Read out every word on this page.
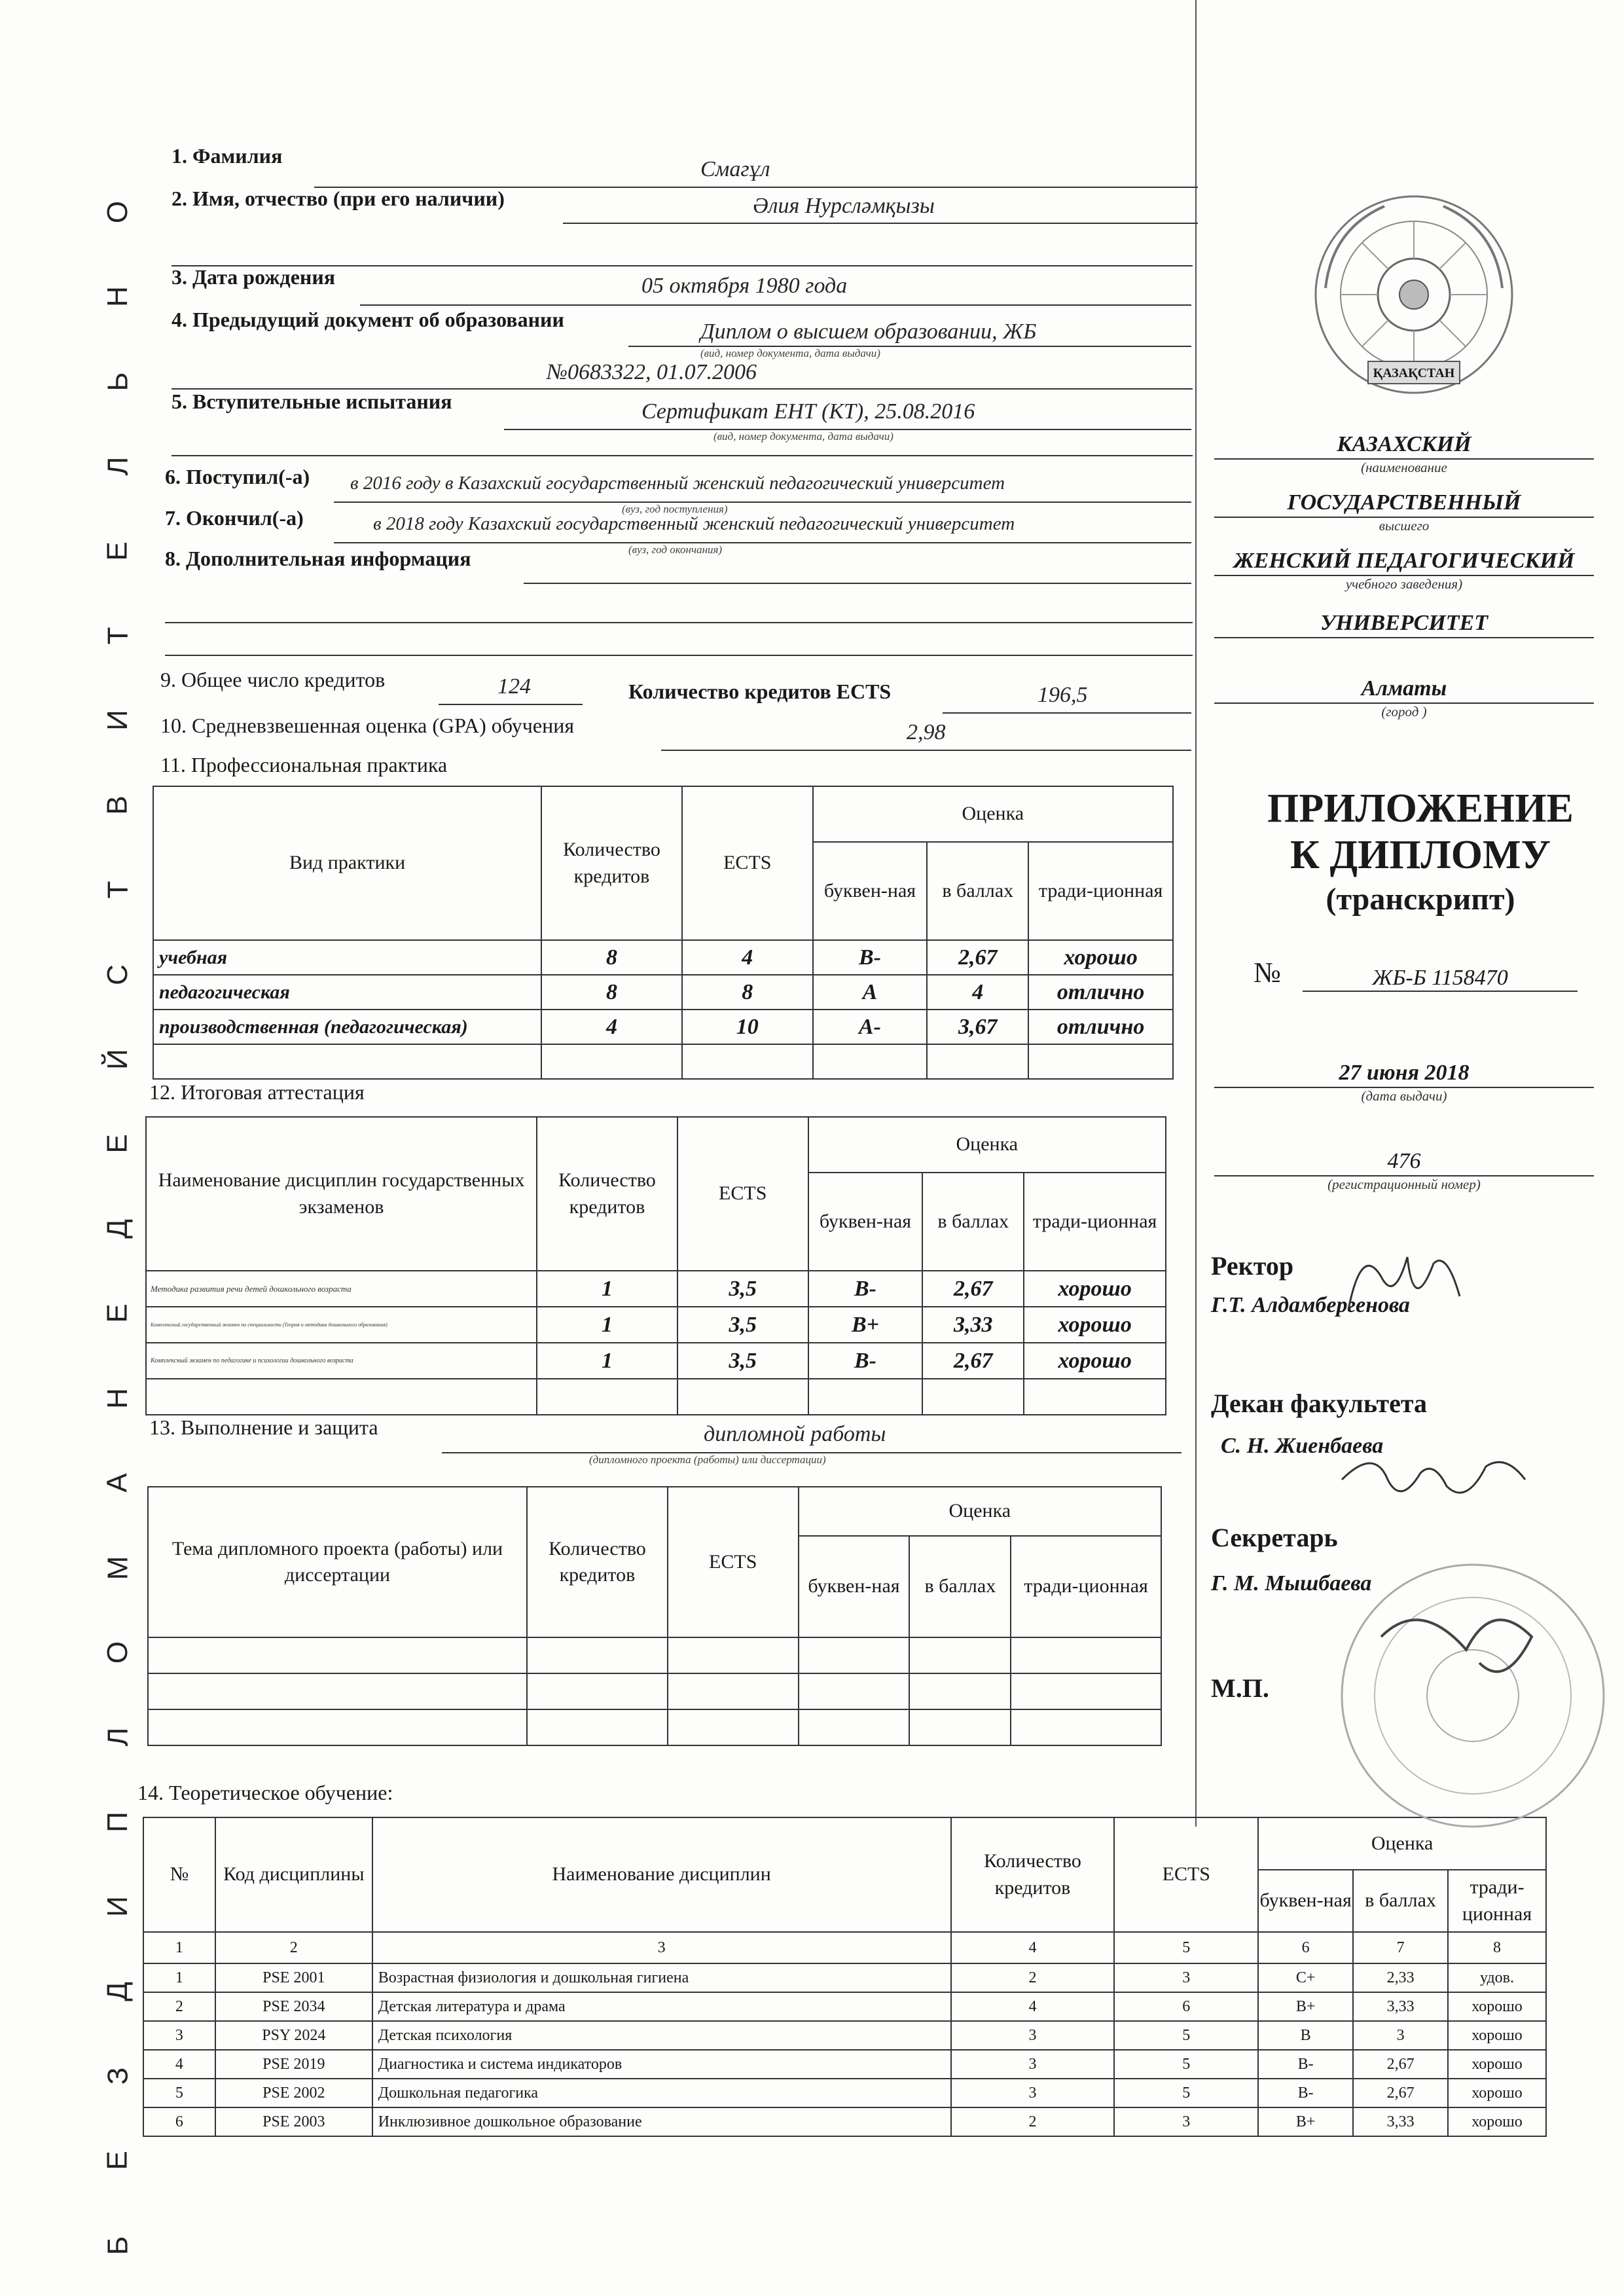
Б
Е
З
Д
И
П
Л
О
М
А
Н
Е
Д
Е
Й
С
Т
В
И
Т
Е
Л
Ь
Н
О
1. Фамилия
Смагұл
2. Имя, отчество (при его наличии)	Әлия Нурсләмқызы
3. Дата рождения	05 октября 1980 года
4. Предыдущий документ об образовании	Диплом о высшем образовании, ЖБ
(вид, номер документа, дата выдачи)
№0683322, 01.07.2006
5. Вступительные испытания	Сертификат ЕНТ (КТ), 25.08.2016
(вид, номер документа, дата выдачи)
6. Поступил(-а) в 2016 году в Казахский государственный женский педагогический университет
(вуз, год поступления)
7. Окончил(-а)	в 2018 году Казахский государственный женский педагогический университет
(вуз, год окончания)
8. Дополнительная информация
9. Общее число кредитов	124	Количество кредитов ECTS	196,5
10. Средневзвешенная оценка (GPA) обучения	2,98
11. Профессиональная практика
Вид практики	Количество кредитов	ECTS	Оценка		
			буквен-ная	в баллах	тради-ционная
учебная	8	4	B-	2,67	хорошо
педагогическая	8	8	A	4	отлично
производственная (педагогическая)	4	10	A-	3,67	отлично

12. Итоговая аттестация
Наименование дисциплин государственных экзаменов	Количество кредитов	ECTS	Оценка		
			буквен-ная	в баллах	тради-ционная
Методика развития речи детей дошкольного возраста	1	3,5	B-	2,67	хорошо
Комплексный государственный экзамен по специальности (Теория и методика дошкольного образования)	1	3,5	B+	3,33	хорошо
Комплексный экзамен по педагогике и психологии дошкольного возраста	1	3,5	B-	2,67	хорошо

13. Выполнение и защита	дипломной работы
(дипломного проекта (работы) или диссертации)
Тема дипломного проекта (работы) или диссертации	Количество кредитов	ECTS	Оценка		
			буквен-ная	в баллах	тради-ционная

14. Теоретическое обучение:
№	Код дисциплины	Наименование дисциплин	Количество кредитов	ECTS	Оценка		
					буквен-ная	в баллах	тради-ционная
1	2	3	4	5	6	7	8
1	PSE 2001	Возрастная физиология и дошкольная гигиена	2	3	C+	2,33	удов.
2	PSE 2034	Детская литература и драма	4	6	B+	3,33	хорошо
3	PSY 2024	Детская психология	3	5	B	3	хорошо
4	PSE 2019	Диагностика и система индикаторов	3	5	B-	2,67	хорошо
5	PSE 2002	Дошкольная педагогика	3	5	B-	2,67	хорошо
6	PSE 2003	Инклюзивное дошкольное образование	2	3	B+	3,33	хорошо
ҚАЗАҚСТАН
КАЗАХСКИЙ
(наименование
ГОСУДАРСТВЕННЫЙ
высшего
ЖЕНСКИЙ ПЕДАГОГИЧЕСКИЙ
учебного заведения)
УНИВЕРСИТЕТ
Алматы
(город )
ПРИЛОЖЕНИЕ
К ДИПЛОМУ
(транскрипт)
№	ЖБ-Б 1158470
27 июня 2018
(дата выдачи)
476
(регистрационный номер)
Ректор
Г.Т. Алдамбергенова
Декан факультета
С. Н. Жиенбаева
Секретарь
Г. М. Мышбаева
М.П.
